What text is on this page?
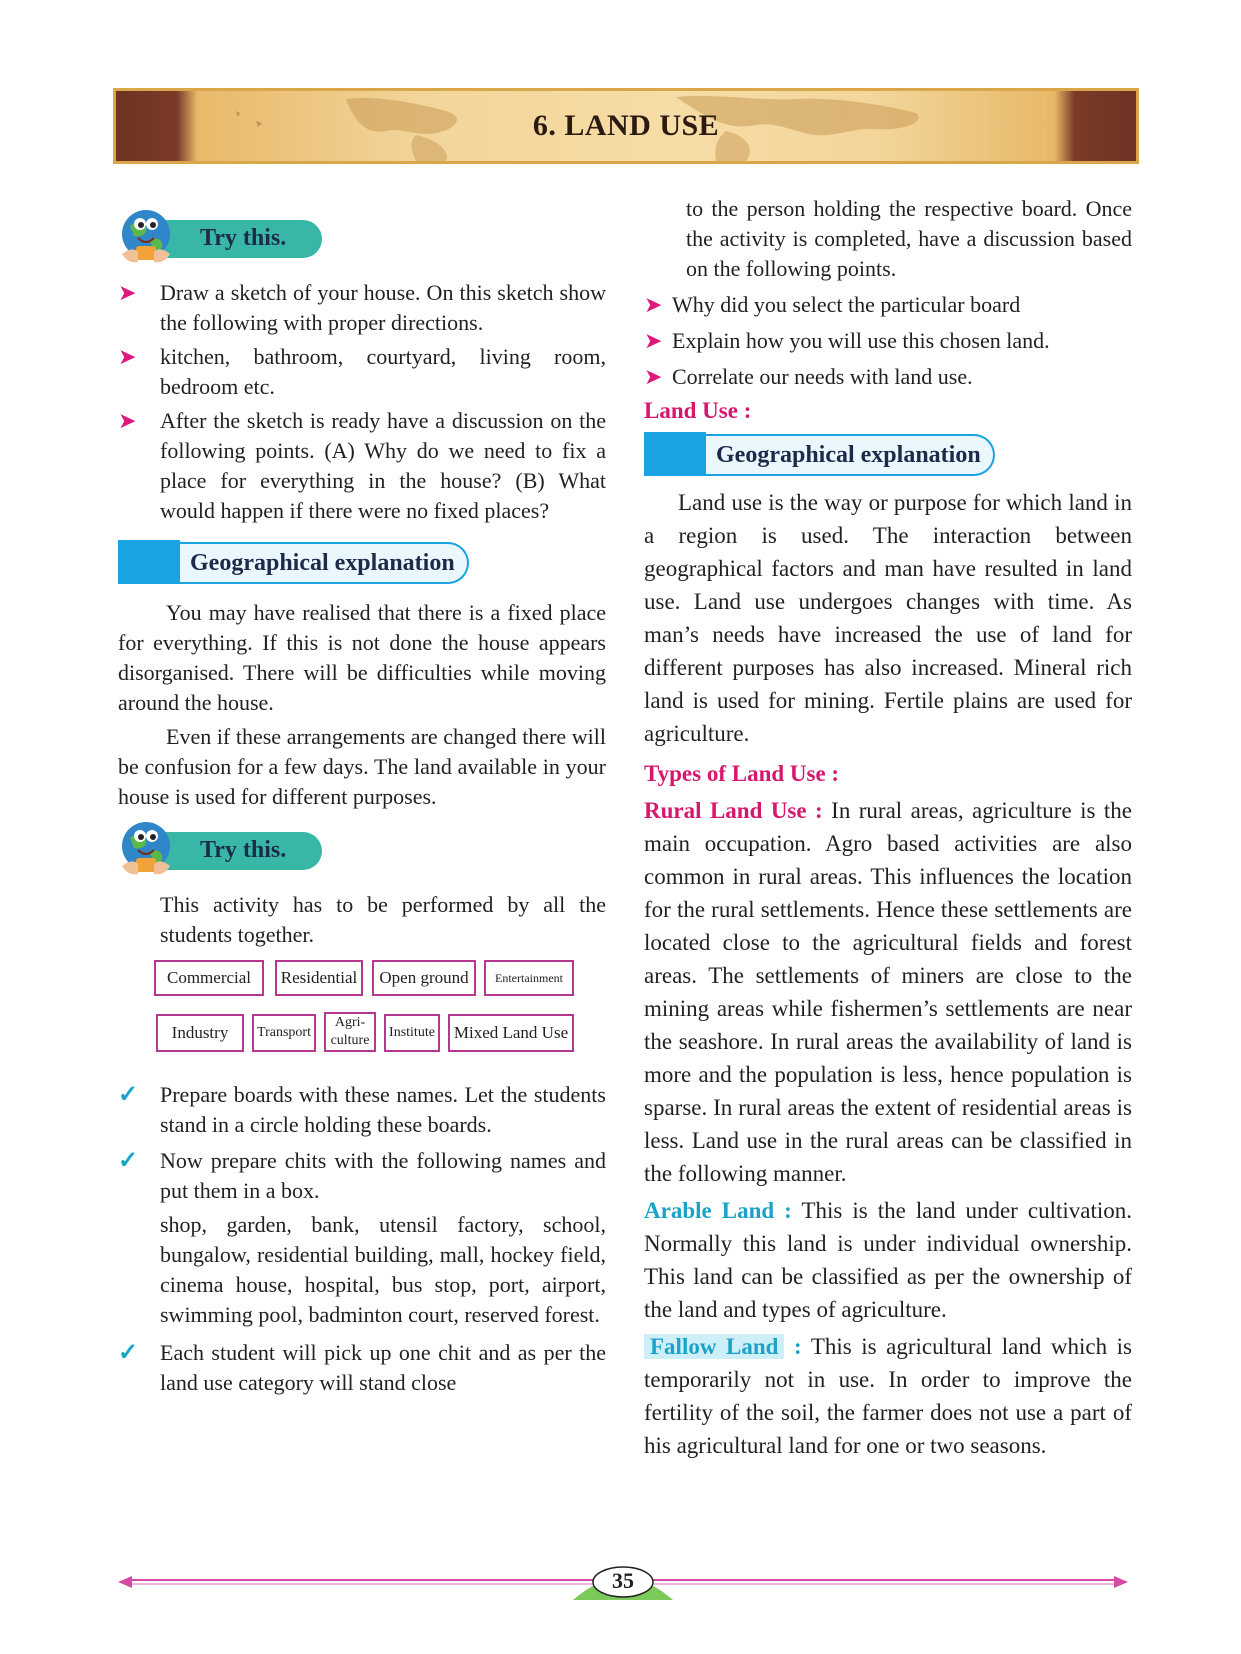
6. LAND USE
Try this.
➤ Draw a sketch of your house. On this sketch show the following with proper directions.
➤ kitchen, bathroom, courtyard, living room, bedroom etc.
➤ After the sketch is ready have a discussion on the following points. (A) Why do we need to fix a place for everything in the house? (B) What would happen if there were no fixed places?
Geographical explanation
You may have realised that there is a fixed place for everything. If this is not done the house appears disorganised. There will be difficulties while moving around the house.
Even if these arrangements are changed there will be confusion for a few days. The land available in your house is used for different purposes.
Try this.
This activity has to be performed by all the students together.
Commercial	Residential	Open ground	Entertainment
Industry	Transport
Agri-culture
Institute	Mixed Land Use
✓ Prepare boards with these names. Let the students stand in a circle holding these boards.
✓ Now prepare chits with the following names and put them in a box.
shop, garden, bank, utensil factory, school, bungalow, residential building, mall, hockey field, cinema house, hospital, bus stop, port, airport, swimming pool, badminton court, reserved forest.
✓ Each student will pick up one chit and as per the land use category will stand close
to the person holding the respective board. Once the activity is completed, have a discussion based on the following points.
➤ Why did you select the particular board
➤ Explain how you will use this chosen land.
➤ Correlate our needs with land use.
Land Use :
Geographical explanation
Land use is the way or purpose for which land in a region is used. The interaction between geographical factors and man have resulted in land use. Land use undergoes changes with time. As man’s needs have increased the use of land for different purposes has also increased. Mineral rich land is used for mining. Fertile plains are used for agriculture.
Types of Land Use :
Rural Land Use : In rural areas, agriculture is the main occupation. Agro based activities are also common in rural areas. This influences the location for the rural settlements. Hence these settlements are located close to the agricultural fields and forest areas. The settlements of miners are close to the mining areas while fishermen’s settlements are near the seashore. In rural areas the availability of land is more and the population is less, hence population is sparse. In rural areas the extent of residential areas is less. Land use in the rural areas can be classified in the following manner.
Arable Land : This is the land under cultivation. Normally this land is under individual ownership. This land can be classified as per the ownership of the land and types of agriculture.
Fallow Land : This is agricultural land which is temporarily not in use. In order to improve the fertility of the soil, the farmer does not use a part of his agricultural land for one or two seasons.
35
